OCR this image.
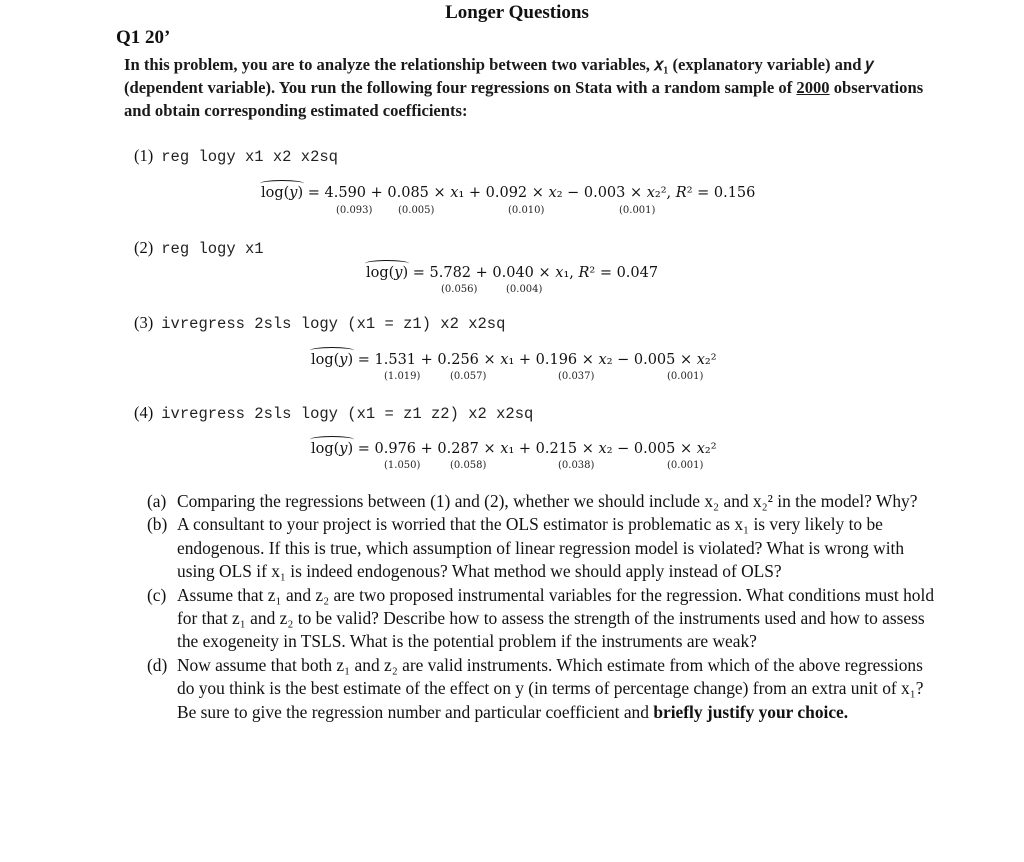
Longer Questions
Q1 20’
In this problem, you are to analyze the relationship between two variables, 𝑥₁ (explanatory variable) and 𝑦 (dependent variable). You run the following four regressions on Stata with a random sample of 2000 observations and obtain corresponding estimated coefficients:
(1) reg logy x1 x2 x2sq
log(𝑦) = 4.590 + 0.085 × 𝑥₁ + 0.092 × 𝑥₂ − 0.003 × 𝑥₂², 𝑅² = 0.156
(0.093)	(0.005)	(0.010)	(0.001)
(2) reg logy x1
log(𝑦) = 5.782 + 0.040 × 𝑥₁, 𝑅² = 0.047
(0.056)	(0.004)
(3) ivregress 2sls logy (x1 = z1) x2 x2sq
log(𝑦) = 1.531 + 0.256 × 𝑥₁ + 0.196 × 𝑥₂ − 0.005 × 𝑥₂²
(1.019)	(0.057)	(0.037)	(0.001)
(4) ivregress 2sls logy (x1 = z1 z2) x2 x2sq
log(𝑦) = 0.976 + 0.287 × 𝑥₁ + 0.215 × 𝑥₂ − 0.005 × 𝑥₂²
(1.050)	(0.058)	(0.038)	(0.001)

(a) Comparing the regressions between (1) and (2), whether we should include x₂ and x₂² in the model? Why?

(b) A consultant to your project is worried that the OLS estimator is problematic as x₁ is very likely to be endogenous. If this is true, which assumption of linear regression model is violated? What is wrong with using OLS if x₁ is indeed endogenous? What method we should apply instead of OLS?

(c) Assume that z₁ and z₂ are two proposed instrumental variables for the regression. What conditions must hold for that z₁ and z₂ to be valid? Describe how to assess the strength of the instruments used and how to assess the exogeneity in TSLS. What is the potential problem if the instruments are weak?

(d) Now assume that both z₁ and z₂ are valid instruments. Which estimate from which of the above regressions do you think is the best estimate of the effect on y (in terms of percentage change) from an extra unit of x₁? Be sure to give the regression number and particular coefficient and briefly justify your choice.
